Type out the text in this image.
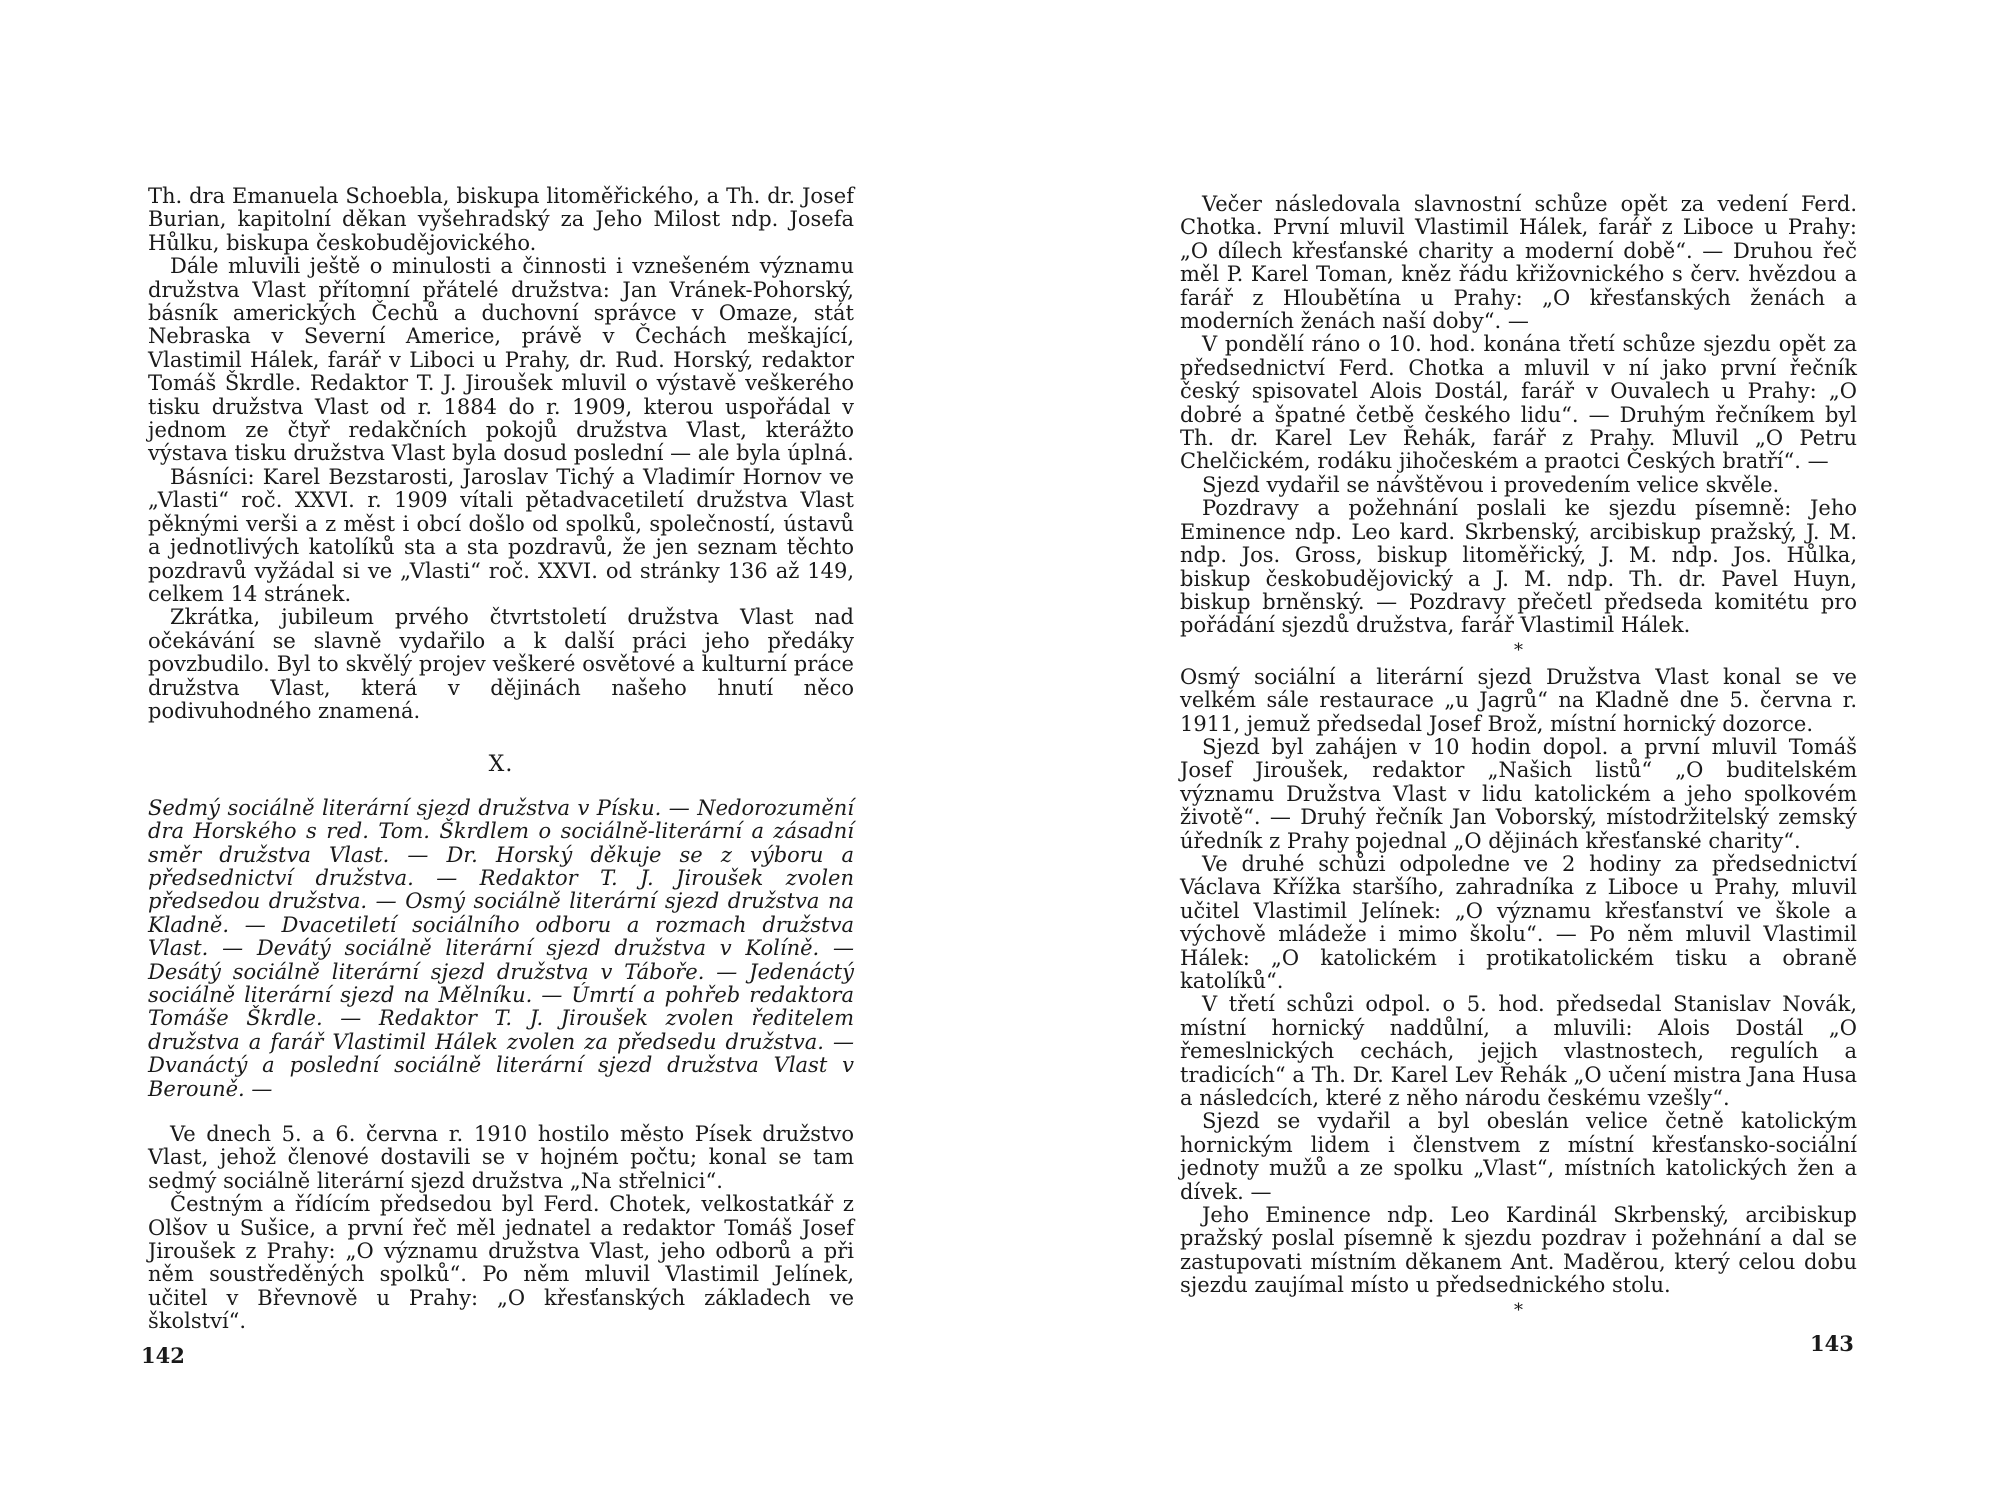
Th. dra Emanuela Schoebla, biskupa litoměřického, a Th. dr. Josef Burian, kapitolní děkan vyšehradský za Jeho Milost ndp. Josefa Hůlku, biskupa českobudějovického.

Dále mluvili ještě o minulosti a činnosti i vznešeném významu družstva Vlast přítomní přátelé družstva: Jan Vránek-Pohorský, básník amerických Čechů a duchovní správce v Omaze, stát Nebraska v Severní Americe, právě v Čechách meškající, Vlastimil Hálek, farář v Liboci u Prahy, dr. Rud. Horský, redaktor Tomáš Škrdle. Redaktor T. J. Jiroušek mluvil o výstavě veškerého tisku družstva Vlast od r. 1884 do r. 1909, kterou uspořádal v jednom ze čtyř redakčních pokojů družstva Vlast, kterážto výstava tisku družstva Vlast byla dosud poslední — ale byla úplná.

Básníci: Karel Bezstarosti, Jaroslav Tichý a Vladimír Hornov ve „Vlasti“ roč. XXVI. r. 1909 vítali pětadvacetiletí družstva Vlast pěknými verši a z měst i obcí došlo od spolků, společností, ústavů a jednotlivých katolíků sta a sta pozdravů, že jen seznam těchto pozdravů vyžádal si ve „Vlasti“ roč. XXVI. od stránky 136 až 149, celkem 14 stránek.

Zkrátka, jubileum prvého čtvrtstoletí družstva Vlast nad očekávání se slavně vydařilo a k další práci jeho předáky povzbudilo. Byl to skvělý projev veškeré osvětové a kulturní práce družstva Vlast, která v dějinách našeho hnutí něco podivuhodného znamená.

X.

Sedmý sociálně literární sjezd družstva v Písku. — Nedorozumění dra Horského s red. Tom. Škrdlem o sociálně-literární a zásadní směr družstva Vlast. — Dr. Horský děkuje se z výboru a předsednictví družstva. — Redaktor T. J. Jiroušek zvolen předsedou družstva. — Osmý sociálně literární sjezd družstva na Kladně. — Dvacetiletí sociálního odboru a rozmach družstva Vlast. — Devátý sociálně literární sjezd družstva v Kolíně. — Desátý sociálně literární sjezd družstva v Táboře. — Jedenáctý sociálně literární sjezd na Mělníku. — Úmrtí a pohřeb redaktora Tomáše Škrdle. — Redaktor T. J. Jiroušek zvolen ředitelem družstva a farář Vlastimil Hálek zvolen za předsedu družstva. — Dvanáctý a poslední sociálně literární sjezd družstva Vlast v Berouně. —

Ve dnech 5. a 6. června r. 1910 hostilo město Písek družstvo Vlast, jehož členové dostavili se v hojném počtu; konal se tam sedmý sociálně literární sjezd družstva „Na střelnici“.

Čestným a řídícím předsedou byl Ferd. Chotek, velkostatkář z Olšov u Sušice, a první řeč měl jednatel a redaktor Tomáš Josef Jiroušek z Prahy: „O významu družstva Vlast, jeho odborů a při něm soustředěných spolků“. Po něm mluvil Vlastimil Jelínek, učitel v Břevnově u Prahy: „O křesťanských základech ve školství“.

142

Večer následovala slavnostní schůze opět za vedení Ferd. Chotka. První mluvil Vlastimil Hálek, farář z Liboce u Prahy: „O dílech křesťanské charity a moderní době“. — Druhou řeč měl P. Karel Toman, kněz řádu křižovnického s červ. hvězdou a farář z Hloubětína u Prahy: „O křesťanských ženách a moderních ženách naší doby“. —

V pondělí ráno o 10. hod. konána třetí schůze sjezdu opět za předsednictví Ferd. Chotka a mluvil v ní jako první řečník český spisovatel Alois Dostál, farář v Ouvalech u Prahy: „O dobré a špatné četbě českého lidu“. — Druhým řečníkem byl Th. dr. Karel Lev Řehák, farář z Prahy. Mluvil „O Petru Chelčickém, rodáku jihočeském a praotci Českých bratří“. —

Sjezd vydařil se návštěvou i provedením velice skvěle.

Pozdravy a požehnání poslali ke sjezdu písemně: Jeho Eminence ndp. Leo kard. Skrbenský, arcibiskup pražský, J. M. ndp. Jos. Gross, biskup litoměřický, J. M. ndp. Jos. Hůlka, biskup českobudějovický a J. M. ndp. Th. dr. Pavel Huyn, biskup brněnský. — Pozdravy přečetl předseda komitétu pro pořádání sjezdů družstva, farář Vlastimil Hálek.

*

Osmý sociální a literární sjezd Družstva Vlast konal se ve velkém sále restaurace „u Jagrů“ na Kladně dne 5. června r. 1911, jemuž předsedal Josef Brož, místní hornický dozorce.

Sjezd byl zahájen v 10 hodin dopol. a první mluvil Tomáš Josef Jiroušek, redaktor „Našich listů“ „O buditelském významu Družstva Vlast v lidu katolickém a jeho spolkovém životě“. — Druhý řečník Jan Voborský, místodržitelský zemský úředník z Prahy pojednal „O dějinách křesťanské charity“.

Ve druhé schůzi odpoledne ve 2 hodiny za předsednictví Václava Křížka staršího, zahradníka z Liboce u Prahy, mluvil učitel Vlastimil Jelínek: „O významu křesťanství ve škole a výchově mládeže i mimo školu“. — Po něm mluvil Vlastimil Hálek: „O katolickém i protikatolickém tisku a obraně katolíků“.

V třetí schůzi odpol. o 5. hod. předsedal Stanislav Novák, místní hornický naddůlní, a mluvili: Alois Dostál „O řemeslnických cechách, jejich vlastnostech, regulích a tradicích“ a Th. Dr. Karel Lev Řehák „O učení mistra Jana Husa a následcích, které z něho národu českému vzešly“.

Sjezd se vydařil a byl obeslán velice četně katolickým hornickým lidem i členstvem z místní křesťansko-sociální jednoty mužů a ze spolku „Vlast“, místních katolických žen a dívek. —

Jeho Eminence ndp. Leo Kardinál Skrbenský, arcibiskup pražský poslal písemně k sjezdu pozdrav i požehnání a dal se zastupovati místním děkanem Ant. Maděrou, který celou dobu sjezdu zaujímal místo u předsednického stolu.

*
143
